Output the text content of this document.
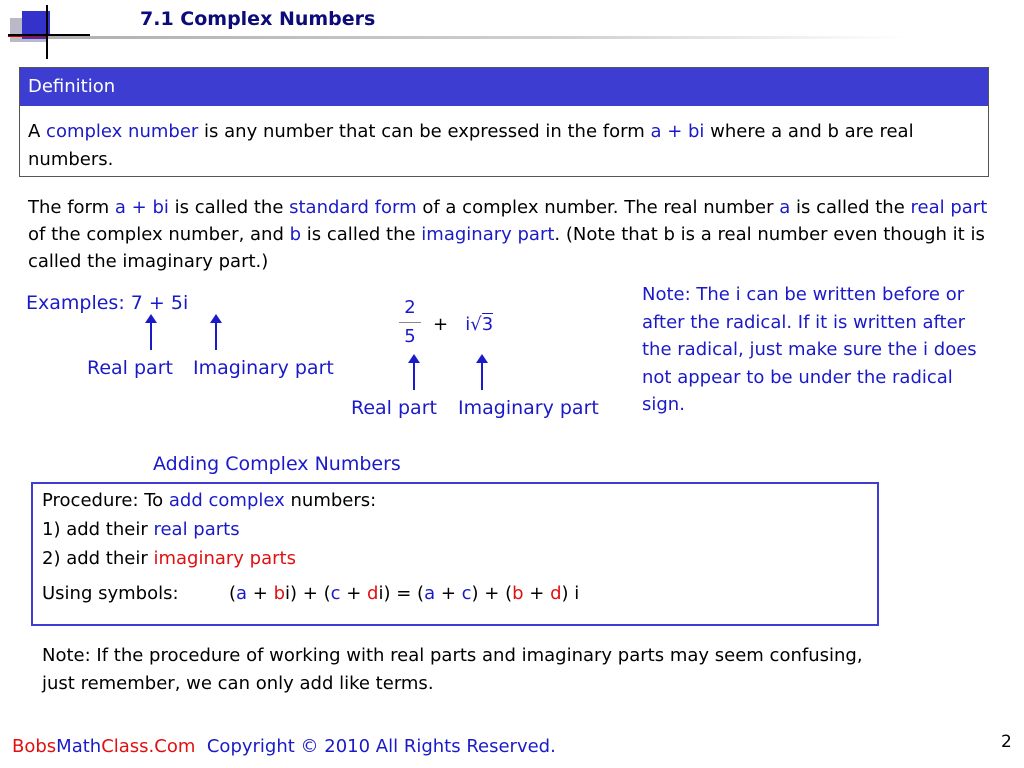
7.1 Complex Numbers
Definition
A complex number is any number that can be expressed in the form a + bi where a and b are real numbers.
The form a + bi is called the standard form of a complex number. The real number a is called the real part of the complex number, and b is called the imaginary part. (Note that b is a real number even though it is called the imaginary part.)
Examples: 7 + 5i
Real part Imaginary part
2
5
+ i√3
Real part Imaginary part
Note: The i can be written before or after the radical. If it is written after the radical, just make sure the i does not appear to be under the radical sign.
Adding Complex Numbers
Procedure: To add complex numbers:
1) add their real parts
2) add their imaginary parts
Using symbols:	(a + bi) + (c + di) = (a + c) + (b + d) i
Note: If the procedure of working with real parts and imaginary parts may seem confusing, just remember, we can only add like terms.
BobsMathClass.Com Copyright © 2010 All Rights Reserved.	2
